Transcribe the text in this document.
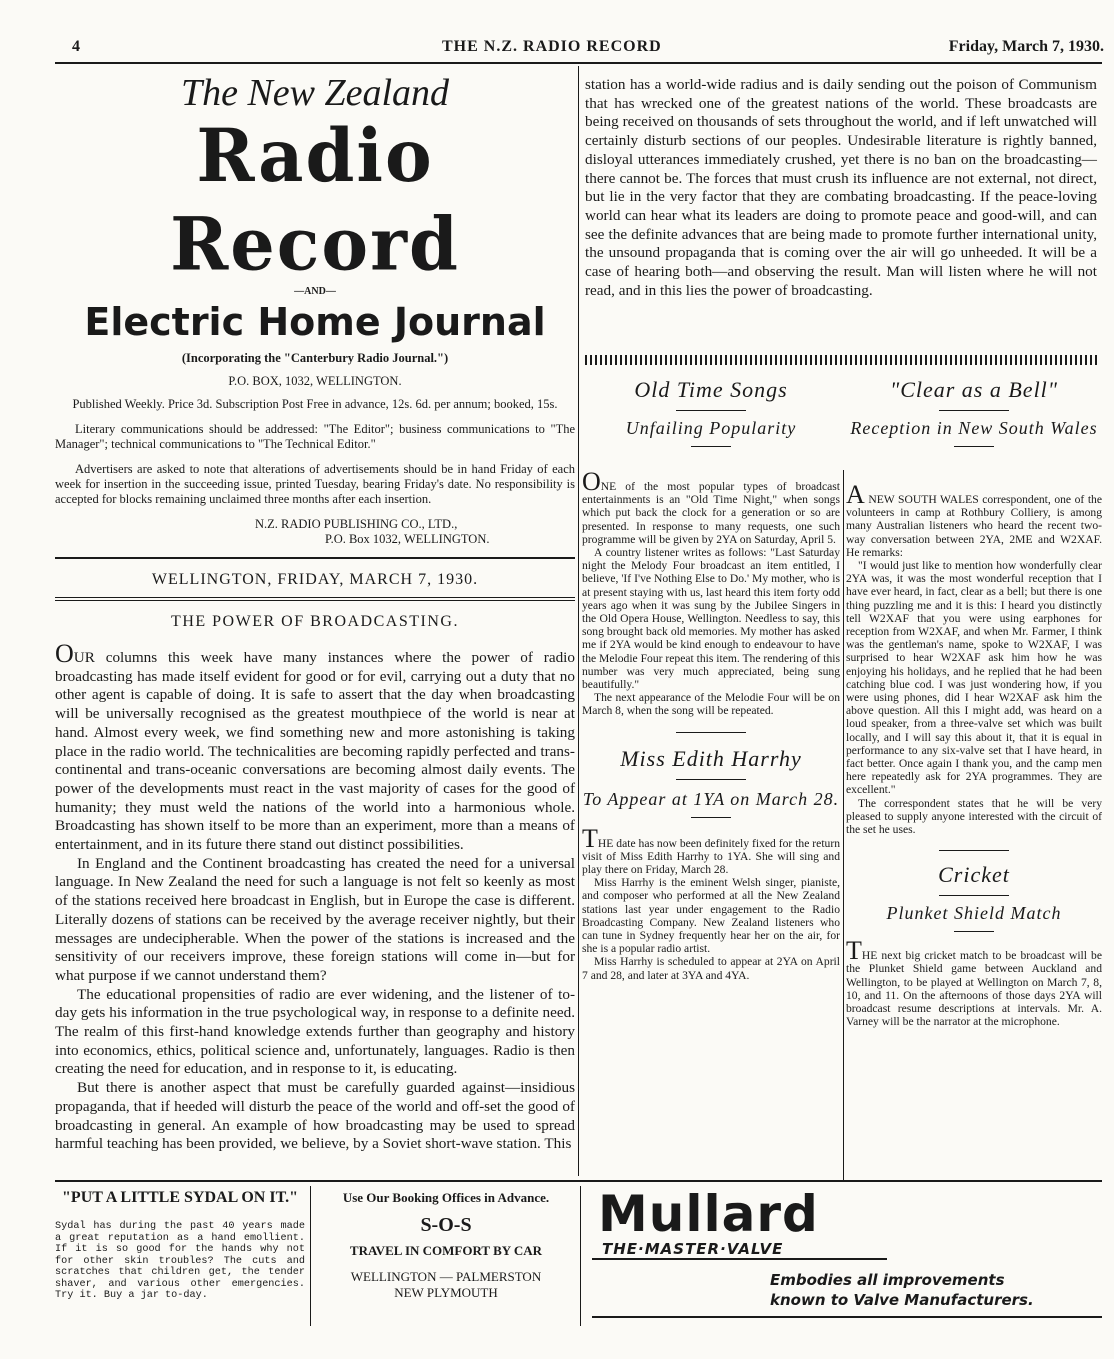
4	THE N.Z. RADIO RECORD	Friday, March 7, 1930.
The New Zealand
Radio Record
—AND—
Electric Home Journal
(Incorporating the "Canterbury Radio Journal.")
P.O. BOX, 1032, WELLINGTON.
Published Weekly. Price 3d. Subscription Post Free in advance, 12s. 6d. per annum; booked, 15s.
Literary communications should be addressed: "The Editor"; business communications to "The Manager"; technical communications to "The Technical Editor."
Advertisers are asked to note that alterations of advertisements should be in hand Friday of each week for insertion in the succeeding issue, printed Tuesday, bearing Friday's date. No responsibility is accepted for blocks remaining unclaimed three months after each insertion.
N.Z. RADIO PUBLISHING CO., LTD.,
P.O. Box 1032, WELLINGTON.
WELLINGTON, FRIDAY, MARCH 7, 1930.
THE POWER OF BROADCASTING.

OUR columns this week have many instances where the power of radio broadcasting has made itself evident for good or for evil, carrying out a duty that no other agent is capable of doing. It is safe to assert that the day when broadcasting will be universally recognised as the greatest mouthpiece of the world is near at hand. Almost every week, we find something new and more astonishing is taking place in the radio world. The technicalities are becoming rapidly perfected and trans-continental and trans-oceanic conversations are becoming almost daily events. The power of the developments must react in the vast majority of cases for the good of humanity; they must weld the nations of the world into a harmonious whole. Broadcasting has shown itself to be more than an experiment, more than a means of entertainment, and in its future there stand out distinct possibilities.

In England and the Continent broadcasting has created the need for a universal language. In New Zealand the need for such a language is not felt so keenly as most of the stations received here broadcast in English, but in Europe the case is different. Literally dozens of stations can be received by the average receiver nightly, but their messages are undecipherable. When the power of the stations is increased and the sensitivity of our receivers improve, these foreign stations will come in—but for what purpose if we cannot understand them?

The educational propensities of radio are ever widening, and the listener of to-day gets his information in the true psychological way, in response to a definite need. The realm of this first-hand knowledge extends further than geography and history into economics, ethics, political science and, unfortunately, languages. Radio is then creating the need for education, and in response to it, is educating.

But there is another aspect that must be carefully guarded against—insidious propaganda, that if heeded will disturb the peace of the world and off-set the good of broadcasting in general. An example of how broadcasting may be used to spread harmful teaching has been provided, we believe, by a Soviet short-wave station. This

station has a world-wide radius and is daily sending out the poison of Communism that has wrecked one of the greatest nations of the world. These broadcasts are being received on thousands of sets throughout the world, and if left unwatched will certainly disturb sections of our peoples. Undesirable literature is rightly banned, disloyal utterances immediately crushed, yet there is no ban on the broadcasting—there cannot be. The forces that must crush its influence are not external, not direct, but lie in the very factor that they are combating broadcasting. If the peace-loving world can hear what its leaders are doing to promote peace and good-will, and can see the definite advances that are being made to promote further international unity, the unsound propaganda that is coming over the air will go unheeded. It will be a case of hearing both—and observing the result. Man will listen where he will not read, and in this lies the power of broadcasting.

Old Time Songs
Unfailing Popularity

ONE of the most popular types of broadcast entertainments is an "Old Time Night," when songs which put back the clock for a generation or so are presented. In response to many requests, one such programme will be given by 2YA on Saturday, April 5.

A country listener writes as follows: "Last Saturday night the Melody Four broadcast an item entitled, I believe, 'If I've Nothing Else to Do.' My mother, who is at present staying with us, last heard this item forty odd years ago when it was sung by the Jubilee Singers in the Old Opera House, Wellington. Needless to say, this song brought back old memories. My mother has asked me if 2YA would be kind enough to endeavour to have the Melodie Four repeat this item. The rendering of this number was very much appreciated, being sung beautifully."

The next appearance of the Melodie Four will be on March 8, when the song will be repeated.

Miss Edith Harrhy
To Appear at 1YA on March 28.

THE date has now been definitely fixed for the return visit of Miss Edith Harrhy to 1YA. She will sing and play there on Friday, March 28.

Miss Harrhy is the eminent Welsh singer, pianiste, and composer who performed at all the New Zealand stations last year under engagement to the Radio Broadcasting Company. New Zealand listeners who can tune in Sydney frequently hear her on the air, for she is a popular radio artist.

Miss Harrhy is scheduled to appear at 2YA on April 7 and 28, and later at 3YA and 4YA.

"Clear as a Bell"
Reception in New South Wales

A NEW SOUTH WALES correspondent, one of the volunteers in camp at Rothbury Colliery, is among many Australian listeners who heard the recent two-way conversation between 2YA, 2ME and W2XAF. He remarks:

"I would just like to mention how wonderfully clear 2YA was, it was the most wonderful reception that I have ever heard, in fact, clear as a bell; but there is one thing puzzling me and it is this: I heard you distinctly tell W2XAF that you were using earphones for reception from W2XAF, and when Mr. Farmer, I think was the gentleman's name, spoke to W2XAF, I was surprised to hear W2XAF ask him how he was enjoying his holidays, and he replied that he had been catching blue cod. I was just wondering how, if you were using phones, did I hear W2XAF ask him the above question. All this I might add, was heard on a loud speaker, from a three-valve set which was built locally, and I will say this about it, that it is equal in performance to any six-valve set that I have heard, in fact better. Once again I thank you, and the camp men here repeatedly ask for 2YA programmes. They are excellent."

The correspondent states that he will be very pleased to supply anyone interested with the circuit of the set he uses.

Cricket
Plunket Shield Match

THE next big cricket match to be broadcast will be the Plunket Shield game between Auckland and Wellington, to be played at Wellington on March 7, 8, 10, and 11. On the afternoons of those days 2YA will broadcast resume descriptions at intervals. Mr. A. Varney will be the narrator at the microphone.

"PUT A LITTLE SYDAL ON IT."
Sydal has during the past 40 years made a great reputation as a hand emollient. If it is so good for the hands why not for other skin troubles? The cuts and scratches that children get, the tender shaver, and various other emergencies. Try it. Buy a jar to-day.
Use Our Booking Offices in Advance.
S-O-S
TRAVEL IN COMFORT BY CAR
WELLINGTON — PALMERSTON
NEW PLYMOUTH
Mullard
THE·MASTER·VALVE
Embodies all improvements
known to Valve Manufacturers.
